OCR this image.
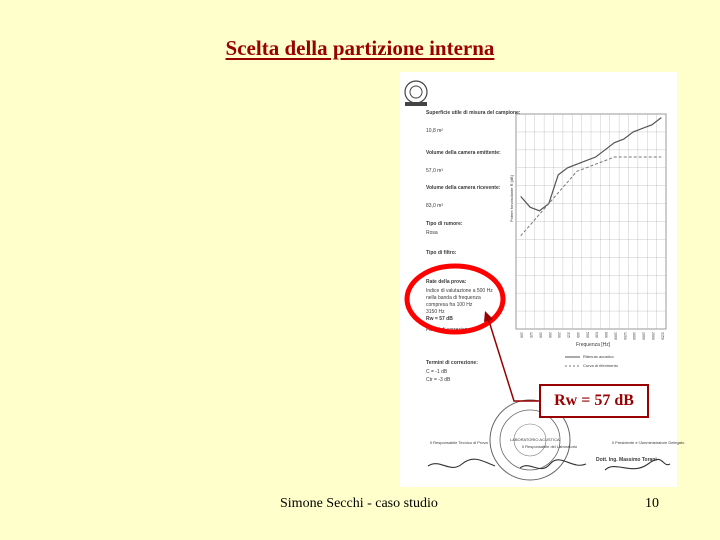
Scelta della partizione interna
100 125 160 200 250 315 400 500 630 800 1000 1250 1600 2000 2500 3150
Superficie utile di misura del campione:
10,8 m²
Volume della camera emittente:
57,0 m³
Volume della camera ricevente:
83,0 m³
Tipo di rumore:
Rosa
Tipo di filtro:
Rate della prova:
Indice di valutazione a 500 Hz
nella banda di frequenza
compresa fra 100 Hz
3150 Hz
Rw = 57 dB
Fattori di correzione:
Termini di correzione:
C = -1 dB
Ctr = -3 dB
Potere fonoisolante R [dB]
Frequenza [Hz]
Ritenuto acustico
Curva di riferimento
LABORATORIO ACUSTICA
Il Responsabile Tecnico di Prova
Il Responsabile del Laboratorio
Il Presidente e l'Amministratore Delegato
Dott. Ing. Massimo Torani
Rw = 57 dB
Simone Secchi - caso studio	10
